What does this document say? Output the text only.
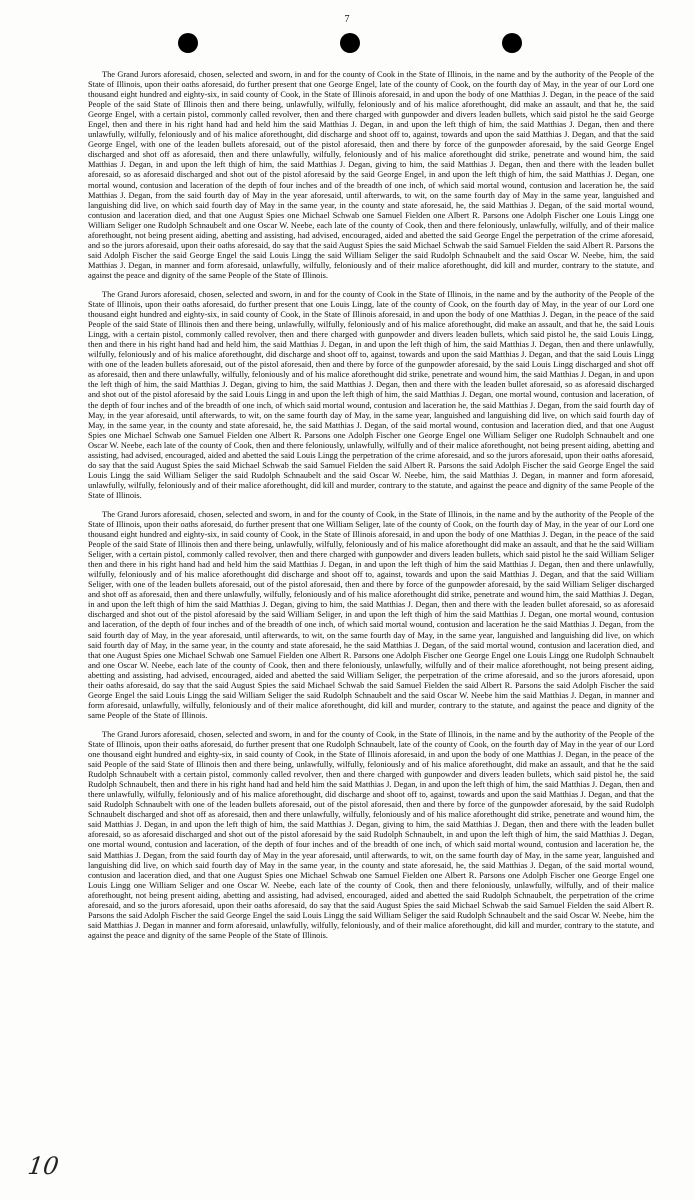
7

The Grand Jurors aforesaid, chosen, selected and sworn, in and for the county of Cook in the State of Illinois, in the name and by the authority of the People of the State of Illinois, upon their oaths aforesaid, do further present that one George Engel, late of the county of Cook, on the fourth day of May, in the year of our Lord one thousand eight hundred and eighty-six, in said county of Cook, in the State of Illinois aforesaid, in and upon the body of one Matthias J. Degan, in the peace of the said People of the said State of Illinois then and there being, unlawfully, wilfully, feloniously and of his malice aforethought, did make an assault, and that he, the said George Engel, with a certain pistol, commonly called revolver, then and there charged with gunpowder and divers leaden bullets, which said pistol he the said George Engel, then and there in his right hand had and held him the said Matthias J. Degan, in and upon the left thigh of him, the said Matthias J. Degan, then and there unlawfully, wilfully, feloniously and of his malice aforethought, did discharge and shoot off to, against, towards and upon the said Matthias J. Degan, and that the said George Engel, with one of the leaden bullets aforesaid, out of the pistol aforesaid, then and there by force of the gunpowder aforesaid, by the said George Engel discharged and shot off as aforesaid, then and there unlawfully, wilfully, feloniously and of his malice aforethought did strike, penetrate and wound him, the said Matthias J. Degan, in and upon the left thigh of him, the said Matthias J. Degan, giving to him, the said Matthias J. Degan, then and there with the leaden bullet aforesaid, so as aforesaid discharged and shot out of the pistol aforesaid by the said George Engel, in and upon the left thigh of him, the said Matthias J. Degan, one mortal wound, contusion and laceration of the depth of four inches and of the breadth of one inch, of which said mortal wound, contusion and laceration he, the said Matthias J. Degan, from the said fourth day of May in the year aforesaid, until afterwards, to wit, on the same fourth day of May in the same year, languished and languishing did live, on which said fourth day of May in the same year, in the county and state aforesaid, he, the said Matthias J. Degan, of the said mortal wound, contusion and laceration died, and that one August Spies one Michael Schwab one Samuel Fielden one Albert R. Parsons one Adolph Fischer one Louis Lingg one William Seliger one Rudolph Schnaubelt and one Oscar W. Neebe, each late of the county of Cook, then and there feloniously, unlawfully, wilfully, and of their malice aforethought, not being present aiding, abetting and assisting, had advised, encouraged, aided and abetted the said George Engel the perpetration of the crime aforesaid, and so the jurors aforesaid, upon their oaths aforesaid, do say that the said August Spies the said Michael Schwab the said Samuel Fielden the said Albert R. Parsons the said Adolph Fischer the said George Engel the said Louis Lingg the said William Seliger the said Rudolph Schnaubelt and the said Oscar W. Neebe, him, the said Matthias J. Degan, in manner and form aforesaid, unlawfully, wilfully, feloniously and of their malice aforethought, did kill and murder, contrary to the statute, and against the peace and dignity of the same People of the State of Illinois.

The Grand Jurors aforesaid, chosen, selected and sworn, in and for the county of Cook in the State of Illinois, in the name and by the authority of the People of the State of Illinois, upon their oaths aforesaid, do further present that one Louis Lingg, late of the county of Cook, on the fourth day of May, in the year of our Lord one thousand eight hundred and eighty-six, in said county of Cook, in the State of Illinois aforesaid, in and upon the body of one Matthias J. Degan, in the peace of the said People of the said State of Illinois then and there being, unlawfully, wilfully, feloniously and of his malice aforethought, did make an assault, and that he, the said Louis Lingg, with a certain pistol, commonly called revolver, then and there charged with gunpowder and divers leaden bullets, which said pistol he, the said Louis Lingg, then and there in his right hand had and held him, the said Matthias J. Degan, in and upon the left thigh of him, the said Matthias J. Degan, then and there unlawfully, wilfully, feloniously and of his malice aforethought, did discharge and shoot off to, against, towards and upon the said Matthias J. Degan, and that the said Louis Lingg with one of the leaden bullets aforesaid, out of the pistol aforesaid, then and there by force of the gunpowder aforesaid, by the said Louis Lingg discharged and shot off as aforesaid, then and there unlawfully, wilfully, feloniously and of his malice aforethought did strike, penetrate and wound him, the said Matthias J. Degan, in and upon the left thigh of him, the said Matthias J. Degan, giving to him, the said Matthias J. Degan, then and there with the leaden bullet aforesaid, so as aforesaid discharged and shot out of the pistol aforesaid by the said Louis Lingg in and upon the left thigh of him, the said Matthias J. Degan, one mortal wound, contusion and laceration, of the depth of four inches and of the breadth of one inch, of which said mortal wound, contusion and laceration he, the said Matthias J. Degan, from the said fourth day of May, in the year aforesaid, until afterwards, to wit, on the same fourth day of May, in the same year, languished and languishing did live, on which said fourth day of May, in the same year, in the county and state aforesaid, he, the said Matthias J. Degan, of the said mortal wound, contusion and laceration died, and that one August Spies one Michael Schwab one Samuel Fielden one Albert R. Parsons one Adolph Fischer one George Engel one William Seliger one Rudolph Schnaubelt and one Oscar W. Neebe, each late of the county of Cook, then and there feloniously, unlawfully, wilfully and of their malice aforethought, not being present aiding, abetting and assisting, had advised, encouraged, aided and abetted the said Louis Lingg the perpetration of the crime aforesaid, and so the jurors aforesaid, upon their oaths aforesaid, do say that the said August Spies the said Michael Schwab the said Samuel Fielden the said Albert R. Parsons the said Adolph Fischer the said George Engel the said Louis Lingg the said William Seliger the said Rudolph Schnaubelt and the said Oscar W. Neebe, him, the said Matthias J. Degan, in manner and form aforesaid, unlawfully, wilfully, feloniously and of their malice aforethought, did kill and murder, contrary to the statute, and against the peace and dignity of the same People of the State of Illinois.

The Grand Jurors aforesaid, chosen, selected and sworn, in and for the county of Cook, in the State of Illinois, in the name and by the authority of the People of the State of Illinois, upon their oaths aforesaid, do further present that one William Seliger, late of the county of Cook, on the fourth day of May, in the year of our Lord one thousand eight hundred and eighty-six, in said county of Cook, in the State of Illinois aforesaid, in and upon the body of one Matthias J. Degan, in the peace of the said People of the said State of Illinois then and there being, unlawfully, wilfully, feloniously and of his malice aforethought did make an assault, and that he the said William Seliger, with a certain pistol, commonly called revolver, then and there charged with gunpowder and divers leaden bullets, which said pistol he the said William Seliger then and there in his right hand had and held him the said Matthias J. Degan, in and upon the left thigh of him the said Matthias J. Degan, then and there unlawfully, wilfully, feloniously and of his malice aforethought did discharge and shoot off to, against, towards and upon the said Matthias J. Degan, and that the said William Seliger, with one of the leaden bullets aforesaid, out of the pistol aforesaid, then and there by force of the gunpowder aforesaid, by the said William Seliger discharged and shot off as aforesaid, then and there unlawfully, wilfully, feloniously and of his malice aforethought did strike, penetrate and wound him, the said Matthias J. Degan, in and upon the left thigh of him the said Matthias J. Degan, giving to him, the said Matthias J. Degan, then and there with the leaden bullet aforesaid, so as aforesaid discharged and shot out of the pistol aforesaid by the said William Seliger, in and upon the left thigh of him the said Matthias J. Degan, one mortal wound, contusion and laceration, of the depth of four inches and of the breadth of one inch, of which said mortal wound, contusion and laceration he the said Matthias J. Degan, from the said fourth day of May, in the year aforesaid, until afterwards, to wit, on the same fourth day of May, in the same year, languished and languishing did live, on which said fourth day of May, in the same year, in the county and state aforesaid, he the said Matthias J. Degan, of the said mortal wound, contusion and laceration died, and that one August Spies one Michael Schwab one Samuel Fielden one Albert R. Parsons one Adolph Fischer one George Engel one Louis Lingg one Rudolph Schnaubelt and one Oscar W. Neebe, each late of the county of Cook, then and there feloniously, unlawfully, wilfully and of their malice aforethought, not being present aiding, abetting and assisting, had advised, encouraged, aided and abetted the said William Seliger, the perpetration of the crime aforesaid, and so the jurors aforesaid, upon their oaths aforesaid, do say that the said August Spies the said Michael Schwab the said Samuel Fielden the said Albert R. Parsons the said Adolph Fischer the said George Engel the said Louis Lingg the said William Seliger the said Rudolph Schnaubelt and the said Oscar W. Neebe him the said Matthias J. Degan, in manner and form aforesaid, unlawfully, wilfully, feloniously and of their malice aforethought, did kill and murder, contrary to the statute, and against the peace and dignity of the same People of the State of Illinois.

The Grand Jurors aforesaid, chosen, selected and sworn, in and for the county of Cook, in the State of Illinois, in the name and by the authority of the People of the State of Illinois, upon their oaths aforesaid, do further present that one Rudolph Schnaubelt, late of the county of Cook, on the fourth day of May in the year of our Lord one thousand eight hundred and eighty-six, in said county of Cook, in the State of Illinois aforesaid, in and upon the body of one Matthias J. Degan, in the peace of the said People of the said State of Illinois then and there being, unlawfully, wilfully, feloniously and of his malice aforethought, did make an assault, and that he the said Rudolph Schnaubelt with a certain pistol, commonly called revolver, then and there charged with gunpowder and divers leaden bullets, which said pistol he, the said Rudolph Schnaubelt, then and there in his right hand had and held him the said Matthias J. Degan, in and upon the left thigh of him, the said Matthias J. Degan, then and there unlawfully, wilfully, feloniously and of his malice aforethought, did discharge and shoot off to, against, towards and upon the said Matthias J. Degan, and that the said Rudolph Schnaubelt with one of the leaden bullets aforesaid, out of the pistol aforesaid, then and there by force of the gunpowder aforesaid, by the said Rudolph Schnaubelt discharged and shot off as aforesaid, then and there unlawfully, wilfully, feloniously and of his malice aforethought did strike, penetrate and wound him, the said Matthias J. Degan, in and upon the left thigh of him, the said Matthias J. Degan, giving to him, the said Matthias J. Degan, then and there with the leaden bullet aforesaid, so as aforesaid discharged and shot out of the pistol aforesaid by the said Rudolph Schnaubelt, in and upon the left thigh of him, the said Matthias J. Degan, one mortal wound, contusion and laceration, of the depth of four inches and of the breadth of one inch, of which said mortal wound, contusion and laceration he, the said Matthias J. Degan, from the said fourth day of May in the year aforesaid, until afterwards, to wit, on the same fourth day of May, in the same year, languished and languishing did live, on which said fourth day of May in the same year, in the county and state aforesaid, he, the said Matthias J. Degan, of the said mortal wound, contusion and laceration died, and that one August Spies one Michael Schwab one Samuel Fielden one Albert R. Parsons one Adolph Fischer one George Engel one Louis Lingg one William Seliger and one Oscar W. Neebe, each late of the county of Cook, then and there feloniously, unlawfully, wilfully, and of their malice aforethought, not being present aiding, abetting and assisting, had advised, encouraged, aided and abetted the said Rudolph Schnaubelt, the perpetration of the crime aforesaid, and so the jurors aforesaid, upon their oaths aforesaid, do say that the said August Spies the said Michael Schwab the said Samuel Fielden the said Albert R. Parsons the said Adolph Fischer the said George Engel the said Louis Lingg the said William Seliger the said Rudolph Schnaubelt and the said Oscar W. Neebe, him the said Matthias J. Degan in manner and form aforesaid, unlawfully, wilfully, feloniously, and of their malice aforethought, did kill and murder, contrary to the statute, and against the peace and dignity of the same People of the State of Illinois.

10
